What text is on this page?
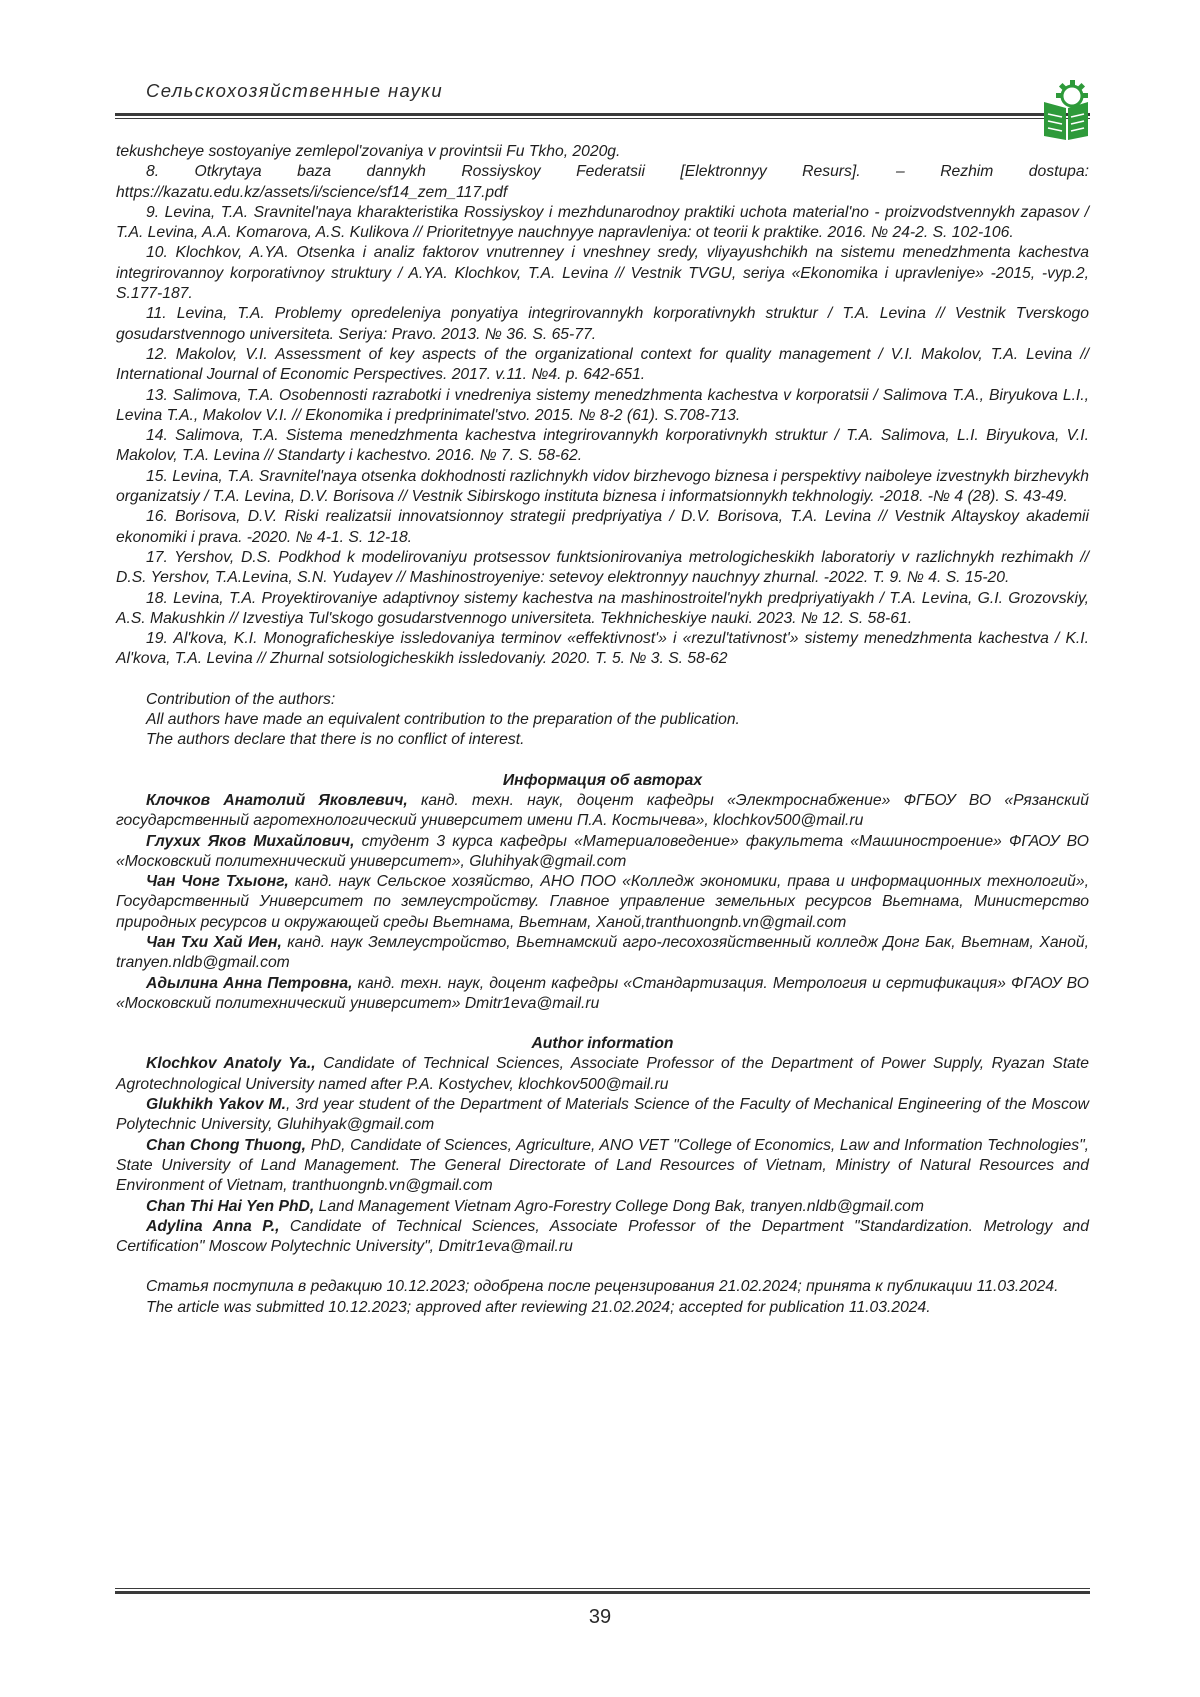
Сельскохозяйственные науки

tekushcheye sostoyaniye zemlepol'zovaniya v provintsii Fu Tkho, 2020g.

8. Otkrytaya baza dannykh Rossiyskoy Federatsii [Elektronnyy Resurs]. – Rezhim dostupa: https://kazatu.edu.kz/assets/i/science/sf14_zem_117.pdf

9. Levina, T.A. Sravnitel'naya kharakteristika Rossiyskoy i mezhdunarodnoy praktiki uchota material'no - proizvodstvennykh zapasov / T.A. Levina, A.A. Komarova, A.S. Kulikova // Prioritetnyye nauchnyye napravleniya: ot teorii k praktike. 2016. № 24-2. S. 102-106.

10. Klochkov, A.YA. Otsenka i analiz faktorov vnutrenney i vneshney sredy, vliyayushchikh na sistemu menedzhmenta kachestva integrirovannoy korporativnoy struktury / A.YA. Klochkov, T.A. Levina // Vestnik TVGU, seriya «Ekonomika i upravleniye» -2015, -vyp.2, S.177-187.

11. Levina, T.A. Problemy opredeleniya ponyatiya integrirovannykh korporativnykh struktur / T.A. Levina // Vestnik Tverskogo gosudarstvennogo universiteta. Seriya: Pravo. 2013. № 36. S. 65-77.

12. Makolov, V.I. Assessment of key aspects of the organizational context for quality management / V.I. Makolov, T.A. Levina // International Journal of Economic Perspectives. 2017. v.11. №4. p. 642-651.

13. Salimova, T.A. Osobennosti razrabotki i vnedreniya sistemy menedzhmenta kachestva v korporatsii / Salimova T.A., Biryukova L.I., Levina T.A., Makolov V.I. // Ekonomika i predprinimatel'stvo. 2015. № 8-2 (61). S.708-713.

14. Salimova, T.A. Sistema menedzhmenta kachestva integrirovannykh korporativnykh struktur / T.A. Salimova, L.I. Biryukova, V.I. Makolov, T.A. Levina // Standarty i kachestvo. 2016. № 7. S. 58-62.

15. Levina, T.A. Sravnitel'naya otsenka dokhodnosti razlichnykh vidov birzhevogo biznesa i perspektivy naiboleye izvestnykh birzhevykh organizatsiy / T.A. Levina, D.V. Borisova // Vestnik Sibirskogo instituta biznesa i informatsionnykh tekhnologiy. -2018. -№ 4 (28). S. 43-49.

16. Borisova, D.V. Riski realizatsii innovatsionnoy strategii predpriyatiya / D.V. Borisova, T.A. Levina // Vestnik Altayskoy akademii ekonomiki i prava. -2020. № 4-1. S. 12-18.

17. Yershov, D.S. Podkhod k modelirovaniyu protsessov funktsionirovaniya metrologicheskikh laboratoriy v razlichnykh rezhimakh // D.S. Yershov, T.A.Levina, S.N. Yudayev // Mashinostroyeniye: setevoy elektronnyy nauchnyy zhurnal. -2022. T. 9. № 4. S. 15-20.

18. Levina, T.A. Proyektirovaniye adaptivnoy sistemy kachestva na mashinostroitel'nykh predpriyatiyakh / T.A. Levina, G.I. Grozovskiy, A.S. Makushkin // Izvestiya Tul'skogo gosudarstvennogo universiteta. Tekhnicheskiye nauki. 2023. № 12. S. 58-61.

19. Al'kova, K.I. Monograficheskiye issledovaniya terminov «effektivnost'» i «rezul'tativnost'» sistemy menedzhmenta kachestva / K.I. Al'kova, T.A. Levina // Zhurnal sotsiologicheskikh issledovaniy. 2020. T. 5. № 3. S. 58-62

Contribution of the authors:

All authors have made an equivalent contribution to the preparation of the publication.

The authors declare that there is no conflict of interest.

Информация об авторах

Клочков Анатолий Яковлевич, канд. техн. наук, доцент кафедры «Электроснабжение» ФГБОУ ВО «Рязанский государственный агротехнологический университет имени П.А. Костычева», klochkov500@mail.ru

Глухих Яков Михайлович, студент 3 курса кафедры «Материаловедение» факультета «Машиностроение» ФГАОУ ВО «Московский политехнический университет», Gluhihyak@gmail.com

Чан Чонг Тхыонг, канд. наук Сельское хозяйство, АНО ПОО «Колледж экономики, права и информационных технологий», Государственный Университет по землеустройству. Главное управление земельных ресурсов Вьетнама, Министерство природных ресурсов и окружающей среды Вьетнама, Вьетнам, Ханой,tranthuongnb.vn@gmail.com

Чан Тхи Хай Иен, канд. наук Землеустройство, Вьетнамский агро-лесохозяйственный колледж Донг Бак, Вьетнам, Ханой, tranyen.nldb@gmail.com

Адылина Анна Петровна, канд. техн. наук, доцент кафедры «Стандартизация. Метрология и сертификация» ФГАОУ ВО «Московский политехнический университет» Dmitr1eva@mail.ru

Author information

Klochkov Anatoly Ya., Candidate of Technical Sciences, Associate Professor of the Department of Power Supply, Ryazan State Agrotechnological University named after P.A. Kostychev, klochkov500@mail.ru

Glukhikh Yakov M., 3rd year student of the Department of Materials Science of the Faculty of Mechanical Engineering of the Moscow Polytechnic University, Gluhihyak@gmail.com

Chan Chong Thuong, PhD, Candidate of Sciences, Agriculture, ANO VET "College of Economics, Law and Information Technologies", State University of Land Management. The General Directorate of Land Resources of Vietnam, Ministry of Natural Resources and Environment of Vietnam, tranthuongnb.vn@gmail.com

Chan Thi Hai Yen PhD, Land Management Vietnam Agro-Forestry College Dong Bak, tranyen.nldb@gmail.com

Adylina Anna P., Candidate of Technical Sciences, Associate Professor of the Department "Standardization. Metrology and Certification" Moscow Polytechnic University", Dmitr1eva@mail.ru

Статья поступила в редакцию 10.12.2023; одобрена после рецензирования 21.02.2024; принята к публикации 11.03.2024.

The article was submitted 10.12.2023; approved after reviewing 21.02.2024; accepted for publication 11.03.2024.

39
